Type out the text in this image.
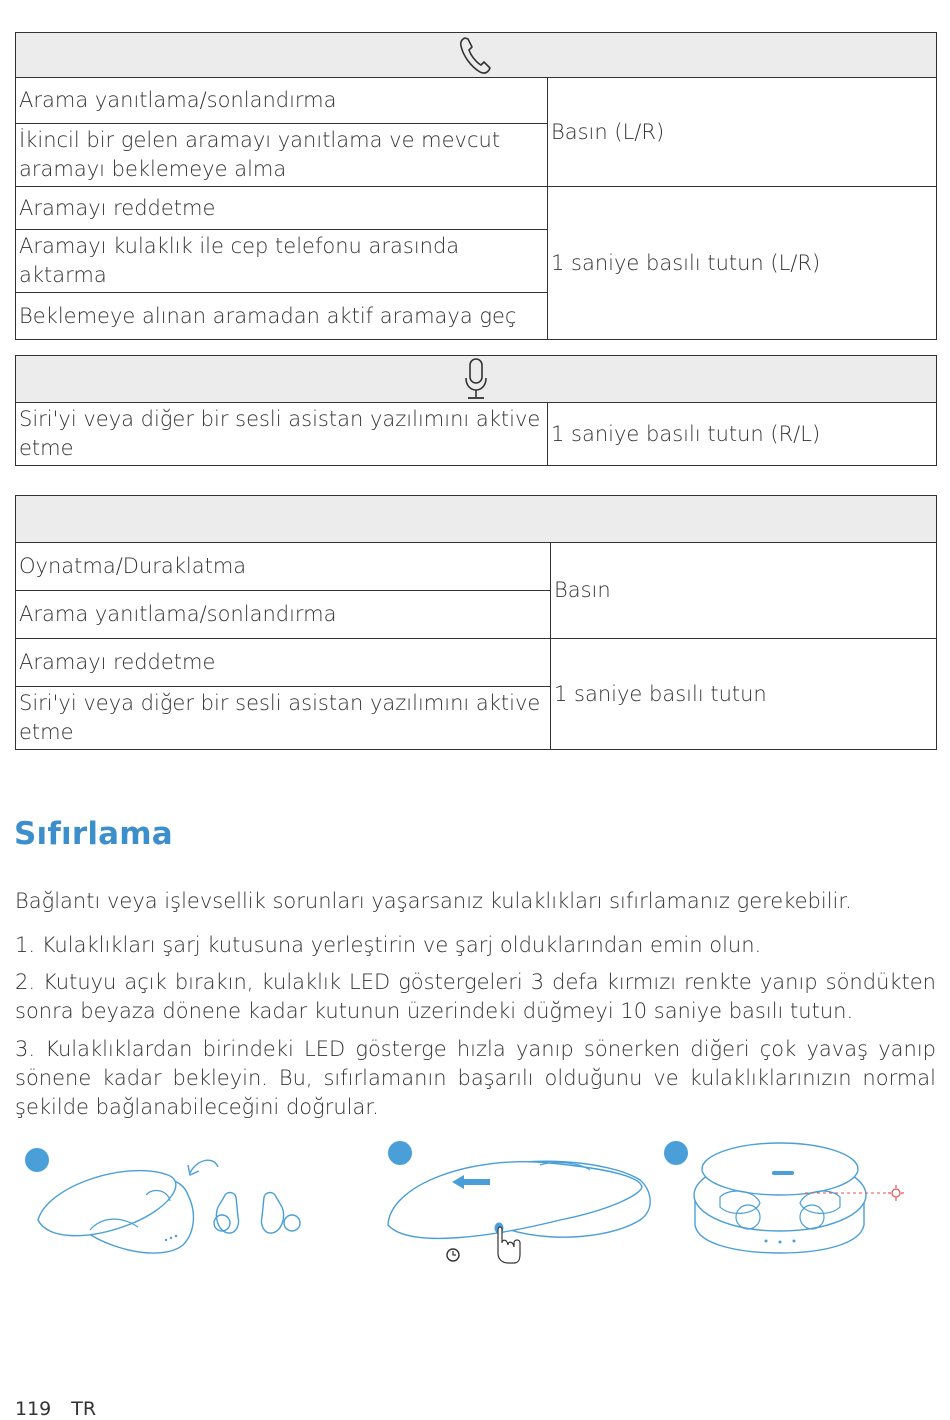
Arama yanıtlama/sonlandırma	Basın (L/R)
İkincil bir gelen aramayı yanıtlama ve mevcut aramayı beklemeye alma	
Aramayı reddetme	1 saniye basılı tutun (L/R)
Aramayı kulaklık ile cep telefonu arasında aktarma	
Beklemeye alınan aramadan aktif aramaya geç	

Siri'yi veya diğer bir sesli asistan yazılımını aktive etme	1 saniye basılı tutun (R/L)

Oynatma/Duraklatma	Basın
Arama yanıtlama/sonlandırma	
Aramayı reddetme	1 saniye basılı tutun
Siri'yi veya diğer bir sesli asistan yazılımını aktive etme	
Sıfırlama

Bağlantı veya işlevsellik sorunları yaşarsanız kulaklıkları sıfırlamanız gerekebilir.

1. Kulaklıkları şarj kutusuna yerleştirin ve şarj olduklarından emin olun.

2. Kutuyu açık bırakın, kulaklık LED göstergeleri 3 defa kırmızı renkte yanıp söndükten sonra beyaza dönene kadar kutunun üzerindeki düğmeyi 10 saniye basılı tutun.

3. Kulaklıklardan birindeki LED gösterge hızla yanıp sönerken diğeri çok yavaş yanıp sönene kadar bekleyin. Bu, sıfırlamanın başarılı olduğunu ve kulaklıklarınızın normal şekilde bağlanabileceğini doğrular.

119 TR
